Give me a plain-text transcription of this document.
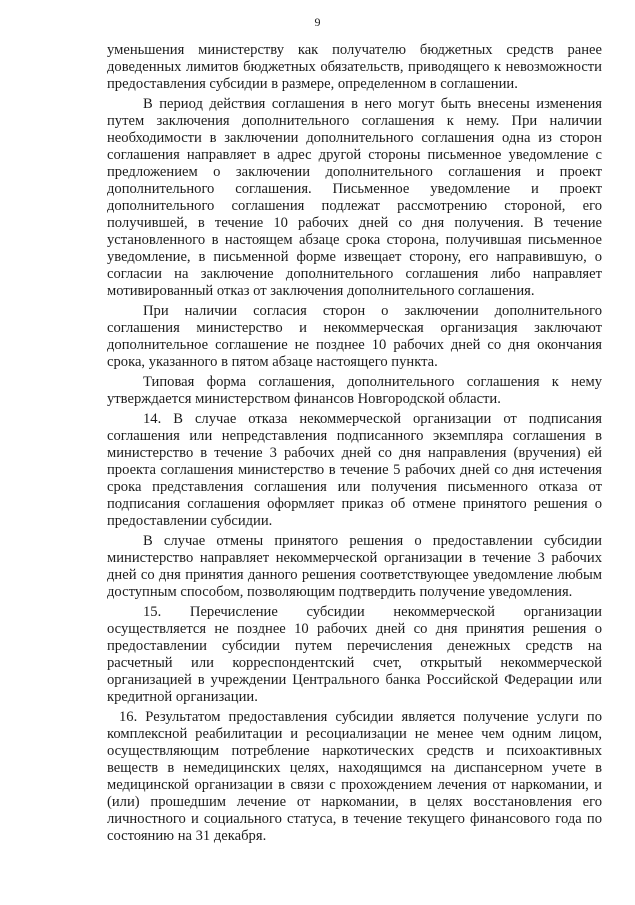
9

уменьшения министерству как получателю бюджетных средств ранее доведенных лимитов бюджетных обязательств, приводящего к невозможности предоставления субсидии в размере, определенном в соглашении.

В период действия соглашения в него могут быть внесены изменения путем заключения дополнительного соглашения к нему. При наличии необходимости в заключении дополнительного соглашения одна из сторон соглашения направляет в адрес другой стороны письменное уведомление с предложением о заключении дополнительного соглашения и проект дополнительного соглашения. Письменное уведомление и проект дополнительного соглашения подлежат рассмотрению стороной, его получившей, в течение 10 рабочих дней со дня получения. В течение установленного в настоящем абзаце срока сторона, получившая письменное уведомление, в письменной форме извещает сторону, его направившую, о согласии на заключение дополнительного соглашения либо направляет мотивированный отказ от заключения дополнительного соглашения.

При наличии согласия сторон о заключении дополнительного соглашения министерство и некоммерческая организация заключают дополнительное соглашение не позднее 10 рабочих дней со дня окончания срока, указанного в пятом абзаце настоящего пункта.

Типовая форма соглашения, дополнительного соглашения к нему утверждается министерством финансов Новгородской области.

14. В случае отказа некоммерческой организации от подписания соглашения или непредставления подписанного экземпляра соглашения в министерство в течение 3 рабочих дней со дня направления (вручения) ей проекта соглашения министерство в течение 5 рабочих дней со дня истечения срока представления соглашения или получения письменного отказа от подписания соглашения оформляет приказ об отмене принятого решения о предоставлении субсидии.

В случае отмены принятого решения о предоставлении субсидии министерство направляет некоммерческой организации в течение 3 рабочих дней со дня принятия данного решения соответствующее уведомление любым доступным способом, позволяющим подтвердить получение уведомления.

15. Перечисление субсидии некоммерческой организации осуществляется не позднее 10 рабочих дней со дня принятия решения о предоставлении субсидии путем перечисления денежных средств на расчетный или корреспондентский счет, открытый некоммерческой организацией в учреждении Центрального банка Российской Федерации или кредитной организации.

16. Результатом предоставления субсидии является получение услуги по комплексной реабилитации и ресоциализации не менее чем одним лицом, осуществляющим потребление наркотических средств и психоактивных веществ в немедицинских целях, находящимся на диспансерном учете в медицинской организации в связи с прохождением лечения от наркомании, и (или) прошедшим лечение от наркомании, в целях восстановления его личностного и социального статуса, в течение текущего финансового года по состоянию на 31 декабря.
